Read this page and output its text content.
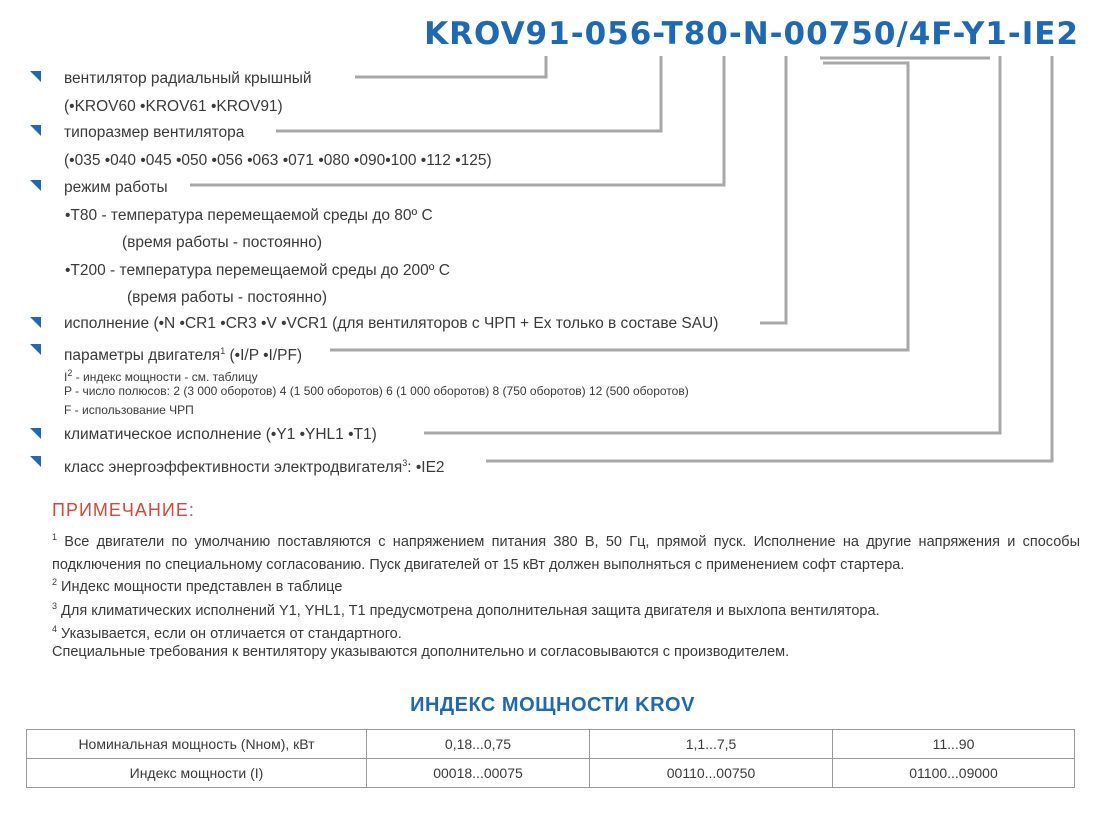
KROV91-056-T80-N-00750/4F-Y1-IE2
вентилятор радиальный крышный
(•KROV60 •KROV61 •KROV91)
типоразмер вентилятора
(•035 •040 •045 •050 •056 •063 •071 •080 •090•100 •112 •125)
режим работы
•Т80 - температура перемещаемой среды до 80º С
(время работы - постоянно)
•Т200 - температура перемещаемой среды до 200º С
(время работы - постоянно)
исполнение (•N •CR1 •CR3 •V •VCR1 (для вентиляторов с ЧРП + Ex только в составе SAU)
параметры двигателя$^1$ (•I/P •I/PF)
$I^2$ - индекс мощности - см. таблицу
P - число полюсов: 2 (3 000 оборотов) 4 (1 500 оборотов) 6 (1 000 оборотов) 8 (750 оборотов) 12 (500 оборотов)
F - использование ЧРП
климатическое исполнение (•Y1 •YHL1 •T1)
класс энергоэффективности электродвигателя$^3$: •IE2
ПРИМЕЧАНИЕ:
$^1$ Все двигатели по умолчанию поставляются с напряжением питания 380 В, 50 Гц, прямой пуск. Исполнение на другие напряжения и способы подключения по специальному согласованию. Пуск двигателей от 15 кВт должен выполняться с применением софт стартера.
$^2$ Индекс мощности представлен в таблице
$^3$ Для климатических исполнений Y1, YHL1, T1 предусмотрена дополнительная защита двигателя и выхлопа вентилятора.
$^4$ Указывается, если он отличается от стандартного.
Специальные требования к вентилятору указываются дополнительно и согласовываются с производителем.
ИНДЕКС МОЩНОСТИ KROV
Номинальная мощность (Nном), кВт	0,18...0,75	1,1...7,5	11...90
Индекс мощности (I)	00018...00075	00110...00750	01100...09000
